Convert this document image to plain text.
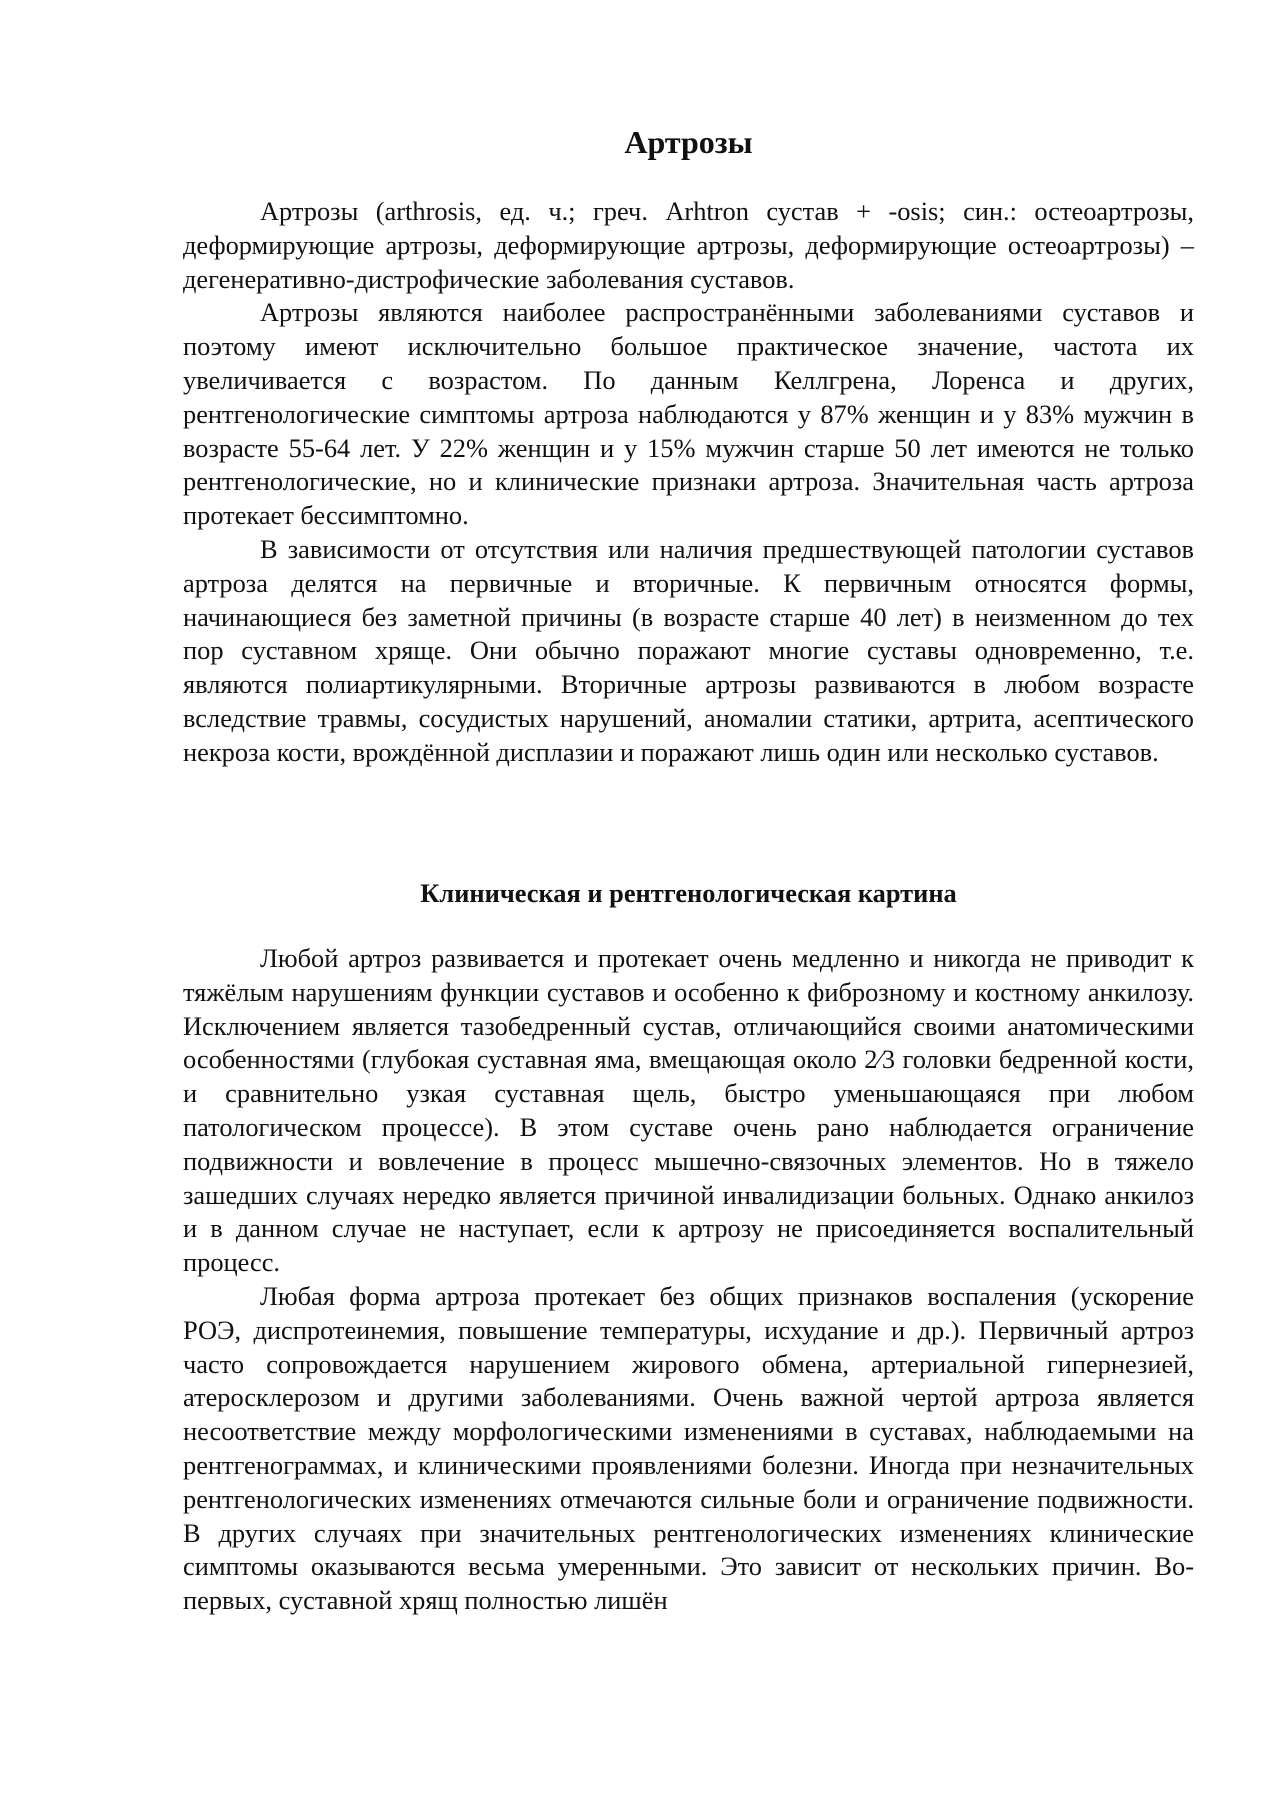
Артрозы

Артрозы (arthrosis, ед. ч.; греч. Arhtron сустав + -osis; син.: остеоартрозы, деформирующие артрозы, деформирующие артрозы, деформирующие остеоартрозы) – дегенеративно-дистрофические заболевания суставов.

Артрозы являются наиболее распространёнными заболеваниями суставов и поэтому имеют исключительно большое практическое значение, частота их увеличивается с возрастом. По данным Келлгрена, Лоренса и других, рентгенологические симптомы артроза наблюдаются у 87% женщин и у 83% мужчин в возрасте 55-64 лет. У 22% женщин и у 15% мужчин старше 50 лет имеются не только рентгенологические, но и клинические признаки артроза. Значительная часть артроза протекает бессимптомно.

В зависимости от отсутствия или наличия предшествующей патологии суставов артроза делятся на первичные и вторичные. К первичным относятся формы, начинающиеся без заметной причины (в возрасте старше 40 лет) в неизменном до тех пор суставном хряще. Они обычно поражают многие суставы одновременно, т.е. являются полиартикулярными. Вторичные артрозы развиваются в любом возрасте вследствие травмы, сосудистых нарушений, аномалии статики, артрита, асептического некроза кости, врождённой дисплазии и поражают лишь один или несколько суставов.

Клиническая и рентгенологическая картина

Любой артроз развивается и протекает очень медленно и никогда не приводит к тяжёлым нарушениям функции суставов и особенно к фиброзному и костному анкилозу. Исключением является тазобедренный сустав, отличающийся своими анатомическими особенностями (глубокая суставная яма, вмещающая около 2⁄3 головки бедренной кости, и сравнительно узкая суставная щель, быстро уменьшающаяся при любом патологическом процессе). В этом суставе очень рано наблюдается ограничение подвижности и вовлечение в процесс мышечно-связочных элементов. Но в тяжело зашедших случаях нередко является причиной инвалидизации больных. Однако анкилоз и в данном случае не наступает, если к артрозу не присоединяется воспалительный процесс.

Любая форма артроза протекает без общих признаков воспаления (ускорение РОЭ, диспротеинемия, повышение температуры, исхудание и др.). Первичный артроз часто сопровождается нарушением жирового обмена, артериальной гипернезией, атеросклерозом и другими заболеваниями. Очень важной чертой артроза является несоответствие между морфологическими изменениями в суставах, наблюдаемыми на рентгенограммах, и клиническими проявлениями болезни. Иногда при незначительных рентгенологических изменениях отмечаются сильные боли и ограничение подвижности. В других случаях при значительных рентгенологических изменениях клинические симптомы оказываются весьма умеренными. Это зависит от нескольких причин. Во-первых, суставной хрящ полностью лишён
